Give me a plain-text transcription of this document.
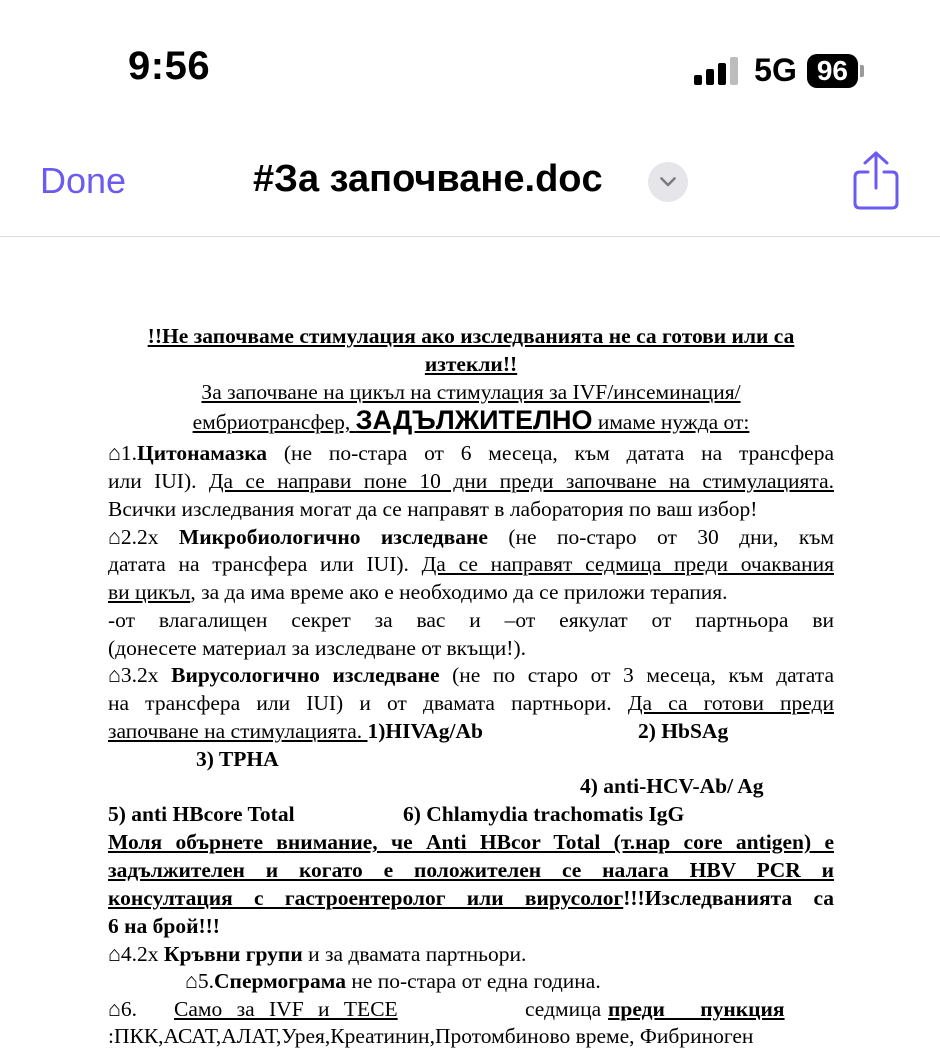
9:56	5G 96
Done	#За започване.doc
!!Не започваме стимулация ако изследванията не са готови или са
изтекли!!
За започване на цикъл на стимулация за IVF/инсеминация/
ембриотрансфер, ЗАДЪЛЖИТЕЛНО имаме нужда от:
⌂1.Цитонамазка (не по-стара от 6 месеца, към датата на трансфера
или IUI). Да се направи поне 10 дни преди започване на стимулацията.
Всички изследвания могат да се направят в лаборатория по ваш избор!
⌂2.2х Микробиологично изследване (не по-старо от 30 дни, към
датата на трансфера или IUI). Да се направят седмица преди очаквания
ви цикъл, за да има време ако е необходимо да се приложи терапия.
-от влагалищен секрет за вас и –от еякулат от партньора ви
(донесете материал за изследване от вкъщи!).
⌂3.2х Вирусологично изследване (не по старо от 3 месеца, към датата
на трансфера или IUI) и от двамата партньори. Да са готови преди
започване на стимулацията. 1)HIVAg/Ab	2) HbSAg
3) TPHA
4) anti-HCV-Ab/ Ag
5) anti HBcore Total	6) Chlamydia trachomatis IgG
Моля обърнете внимание, че Anti HBcor Total (т.нар core antigen) е
задължителен и когато е положителен се налага HBV PCR и
консултация с гастроентеролог или вирусолог!!!Изследванията са
6 на брой!!!
⌂4.2х Кръвни групи и за двамата партньори.
⌂5.Спермограма не по-стара от една година.
⌂6. Само за IVF и TECE	седмица преди пункция
:ПКК,АСАТ,АЛАТ,Урея,Креатинин,Протомбиново време, Фибриноген
